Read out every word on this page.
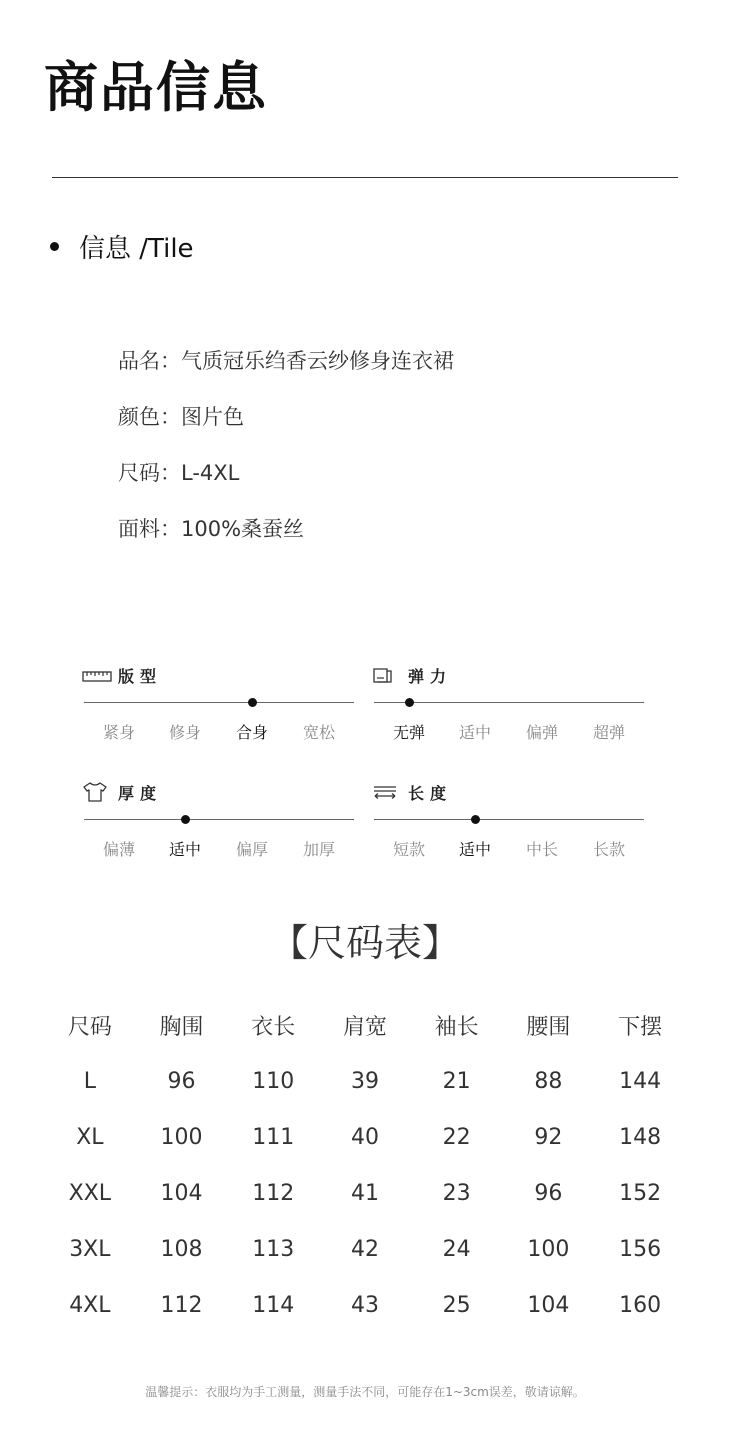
商品信息
信息 /Tile
品名：气质冠乐绉香云纱修身连衣裙
颜色：图片色
尺码：L-4XL
面料：100%桑蚕丝
版型
紧身	修身	合身	宽松
弹力
无弹	适中	偏弹	超弹
厚度
偏薄	适中	偏厚	加厚
长度
短款	适中	中长	长款
【尺码表】
尺码	胸围	衣长	肩宽	袖长	腰围	下摆
L	96	110	39	21	88	144
XL	100	111	40	22	92	148
XXL	104	112	41	23	96	152
3XL	108	113	42	24	100	156
4XL	112	114	43	25	104	160
温馨提示：衣服均为手工测量，测量手法不同，可能存在1~3cm误差，敬请谅解。
